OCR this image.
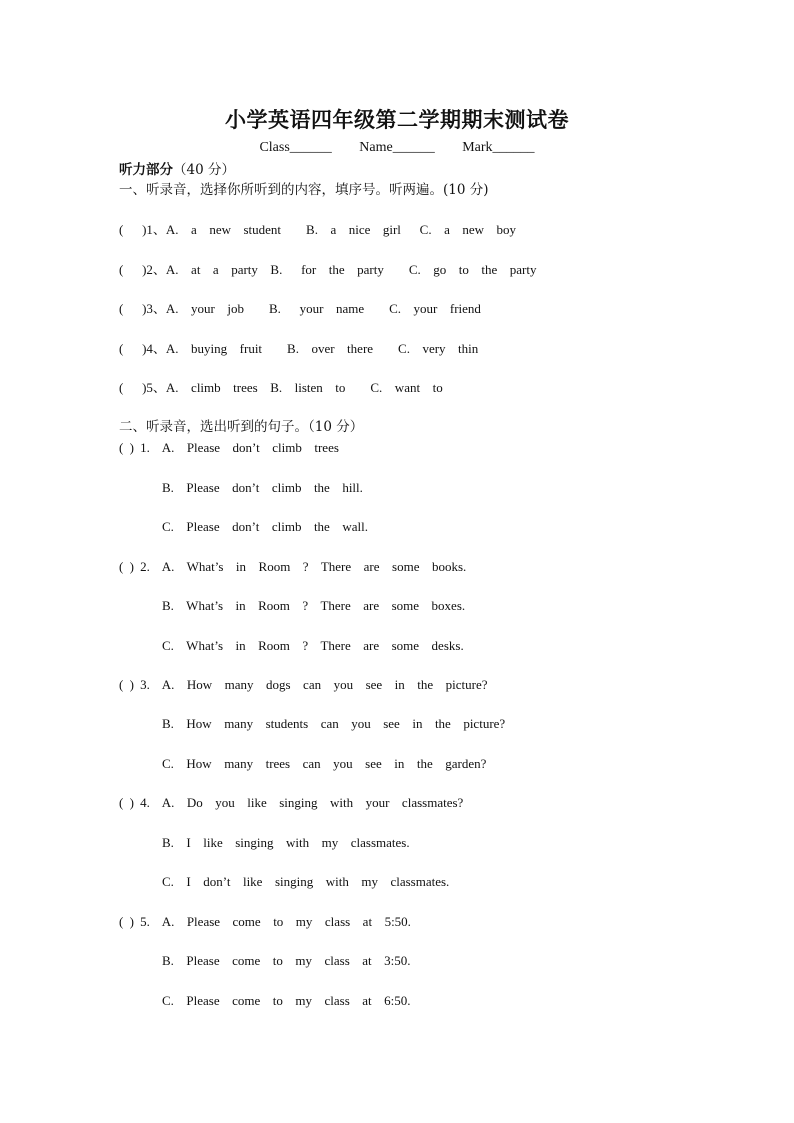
小学英语四年级第二学期期末测试卷
Class______ Name______ Mark______
听力部分（40 分）
一、听录音，选择你所听到的内容，填序号。听两遍。(10 分)
(   )1、A.  a  new  student    B.  a  nice  girl   C.  a  new  boy
(   )2、A.  at  a  party  B.   for  the  party    C.  go  to  the  party
(   )3、A.  your  job    B.   your  name    C.  your  friend
(   )4、A.  buying  fruit    B.  over  there    C.  very  thin
(   )5、A.  climb  trees  B.  listen  to    C.  want  to
二、听录音，选出听到的句子。（10 分）
( ) 1.  A.  Please  don’t  climb  trees
B.  Please  don’t  climb  the  hill.
C.  Please  don’t  climb  the  wall.
( ) 2.  A.  What’s  in  Room  ?  There  are  some  books.
B.  What’s  in  Room  ?  There  are  some  boxes.
C.  What’s  in  Room  ?  There  are  some  desks.
( ) 3.  A.  How  many  dogs  can  you  see  in  the  picture?
B.  How  many  students  can  you  see  in  the  picture?
C.  How  many  trees  can  you  see  in  the  garden?
( ) 4.  A.  Do  you  like  singing  with  your  classmates?
B.  I  like  singing  with  my  classmates.
C.  I  don’t  like  singing  with  my  classmates.
( ) 5.  A.  Please  come  to  my  class  at  5:50.
B.  Please  come  to  my  class  at  3:50.
C.  Please  come  to  my  class  at  6:50.
